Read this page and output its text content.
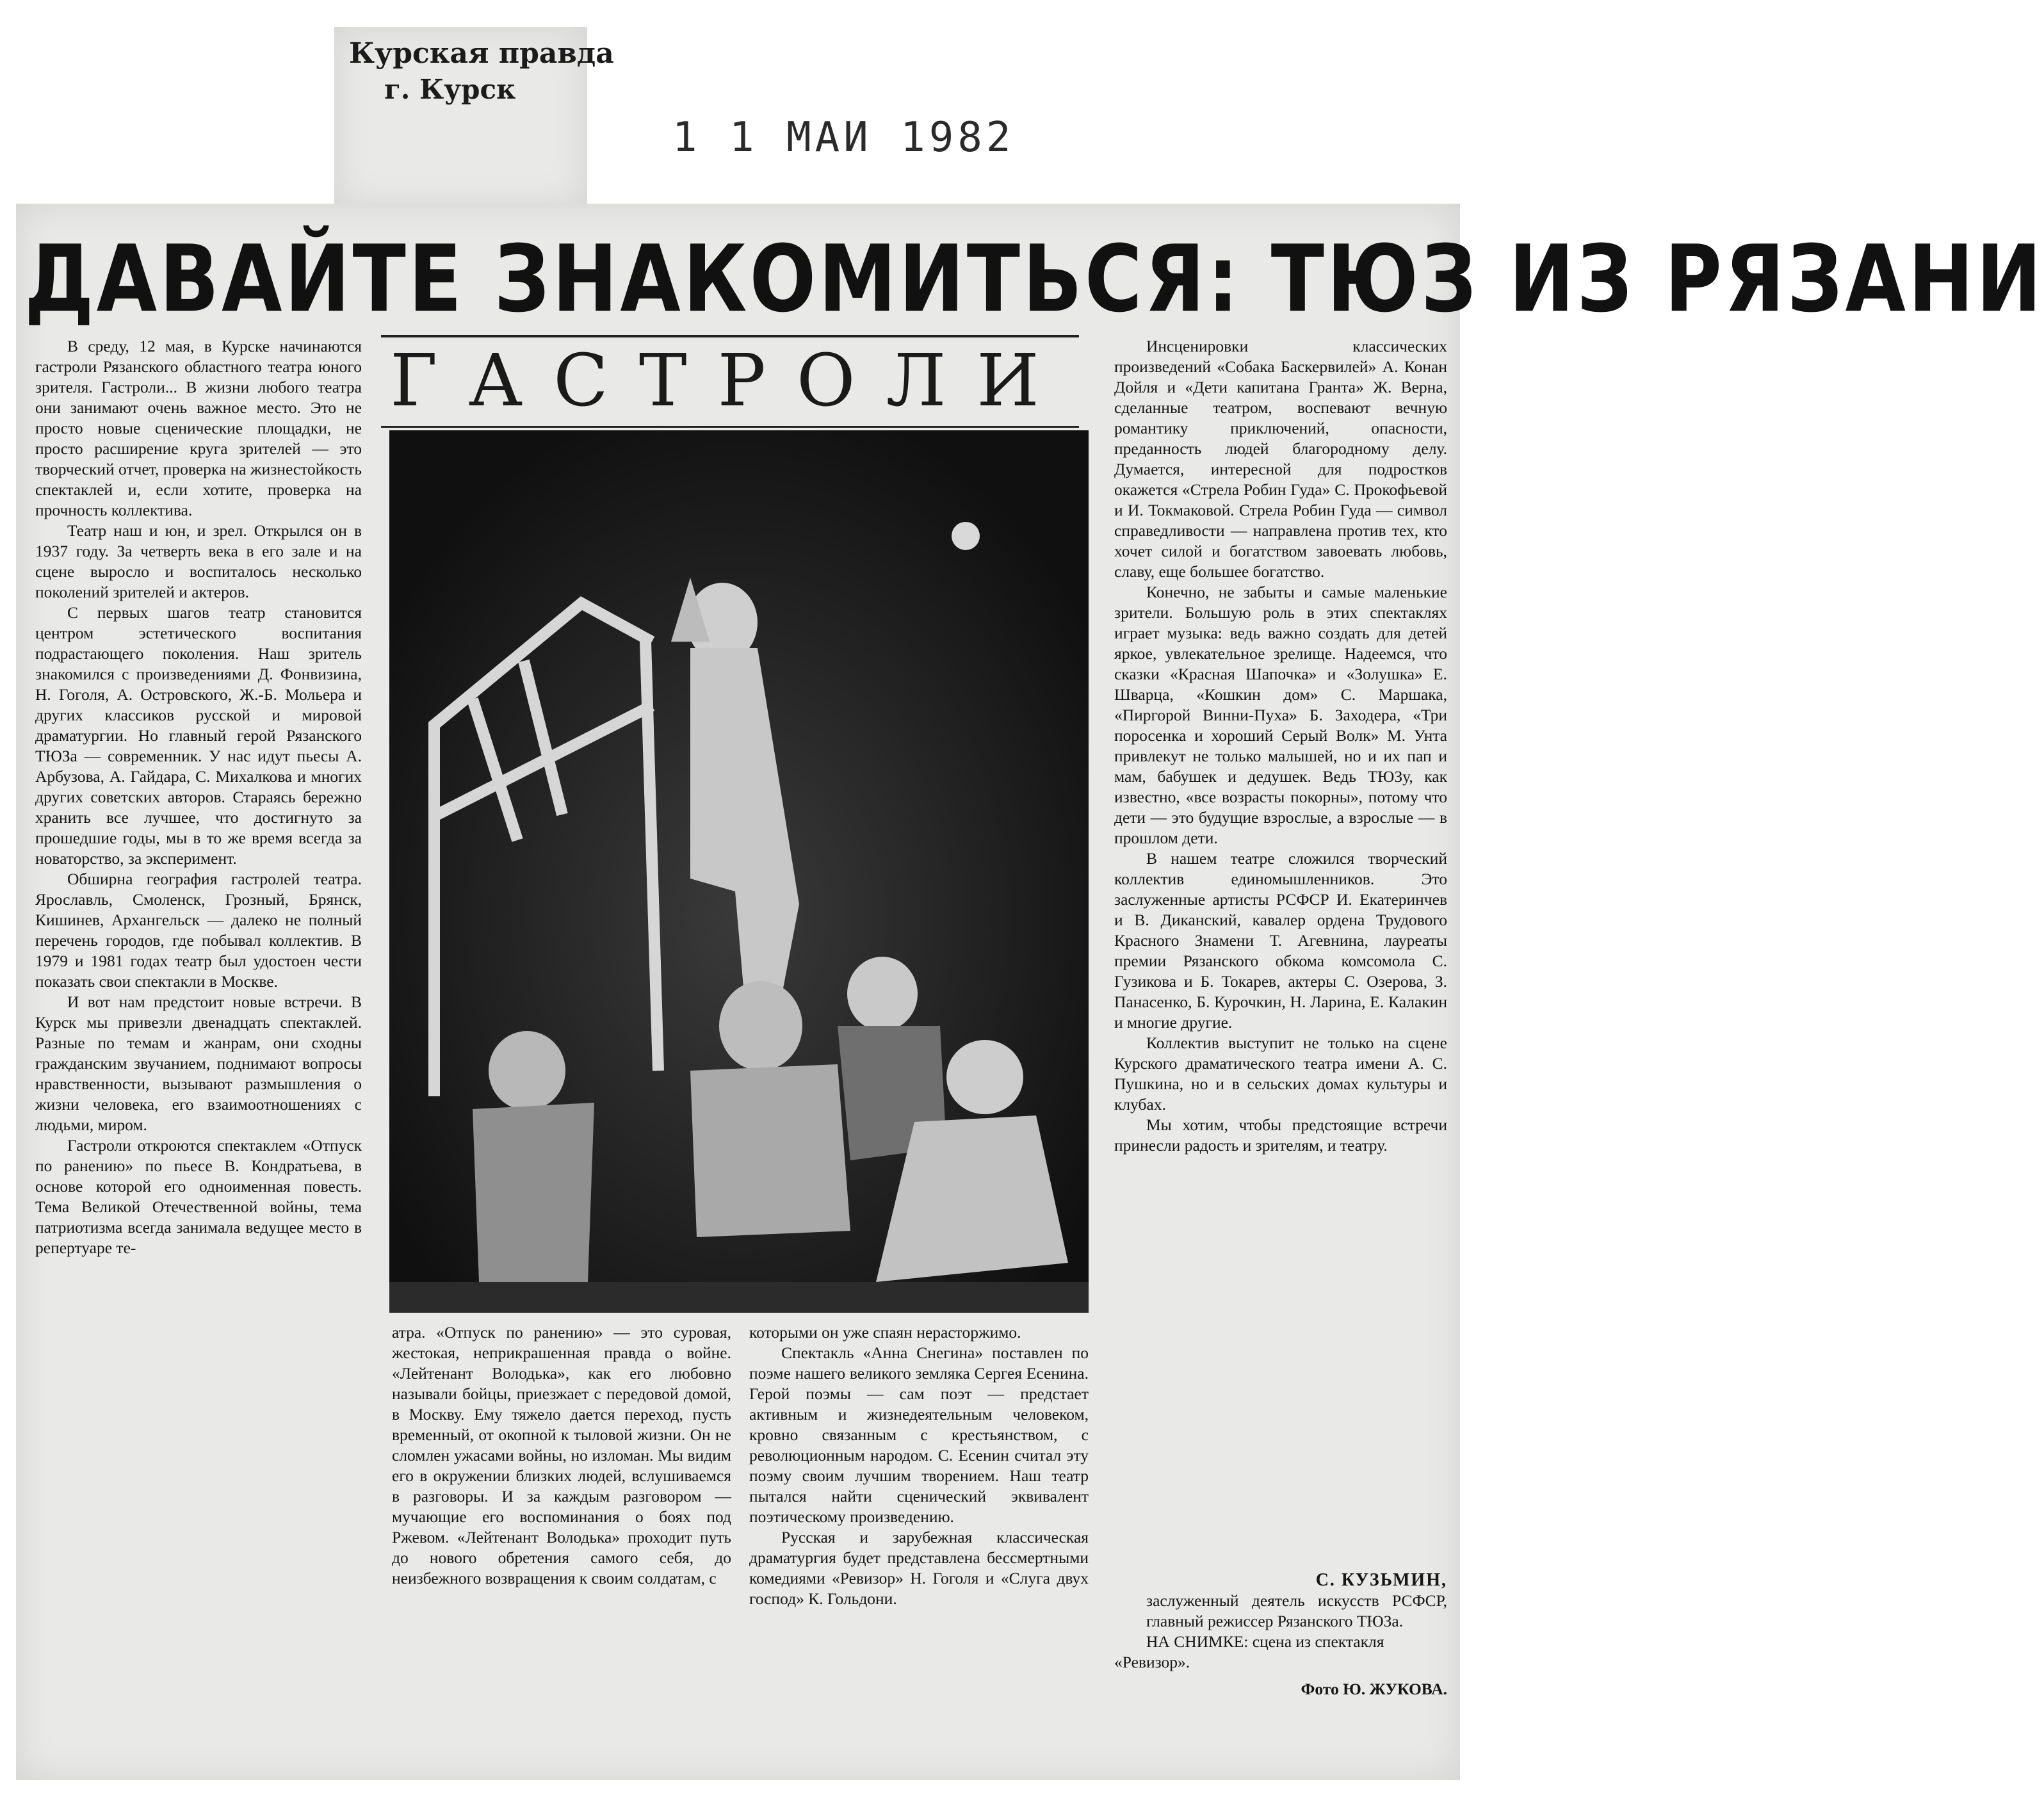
Курская правда
г. Курск
1 1 МАИ 1982
ДАВАЙТЕ ЗНАКОМИТЬСЯ: ТЮЗ ИЗ РЯЗАНИ
ГАСТРОЛИ

В среду, 12 мая, в Курске начинаются гастроли Рязанского областного театра юного зрителя. Гастроли... В жизни любого театра они занимают очень важное место. Это не просто новые сценические площадки, не просто расширение круга зрителей — это творческий отчет, проверка на жизнестойкость спектаклей и, если хотите, проверка на прочность коллектива.

Театр наш и юн, и зрел. Открылся он в 1937 году. За четверть века в его зале и на сцене выросло и воспиталось несколько поколений зрителей и актеров.

С первых шагов театр становится центром эстетического воспитания подрастающего поколения. Наш зритель знакомился с произведениями Д. Фонвизина, Н. Гоголя, А. Островского, Ж.-Б. Мольера и других классиков русской и мировой драматургии. Но главный герой Рязанского ТЮЗа — современник. У нас идут пьесы А. Арбузова, А. Гайдара, С. Михалкова и многих других советских авторов. Стараясь бережно хранить все лучшее, что достигнуто за прошедшие годы, мы в то же время всегда за новаторство, за эксперимент.

Обширна география гастролей театра. Ярославль, Смоленск, Грозный, Брянск, Кишинев, Архангельск — далеко не полный перечень городов, где побывал коллектив. В 1979 и 1981 годах театр был удостоен чести показать свои спектакли в Москве.

И вот нам предстоит новые встречи. В Курск мы привезли двенадцать спектаклей. Разные по темам и жанрам, они сходны гражданским звучанием, поднимают вопросы нравственности, вызывают размышления о жизни человека, его взаимоотношениях с людьми, миром.

Гастроли откроются спектаклем «Отпуск по ранению» по пьесе В. Кондратьева, в основе которой его одноименная повесть. Тема Великой Отечественной войны, тема патриотизма всегда занимала ведущее место в репертуаре те-

атра. «Отпуск по ранению» — это суровая, жестокая, неприкрашенная правда о войне. «Лейтенант Володька», как его любовно называли бойцы, приезжает с передовой домой, в Москву. Ему тяжело дается переход, пусть временный, от окопной к тыловой жизни. Он не сломлен ужасами войны, но изломан. Мы видим его в окружении близких людей, вслушиваемся в разговоры. И за каждым разговором — мучающие его воспоминания о боях под Ржевом. «Лейтенант Володька» проходит путь до нового обретения самого себя, до неизбежного возвращения к своим солдатам, с

которыми он уже спаян нерасторжимо.

Спектакль «Анна Снегина» поставлен по поэме нашего великого земляка Сергея Есенина. Герой поэмы — сам поэт — предстает активным и жизнедеятельным человеком, кровно связанным с крестьянством, с революционным народом. С. Есенин считал эту поэму своим лучшим творением. Наш театр пытался найти сценический эквивалент поэтическому произведению.

Русская и зарубежная классическая драматургия будет представлена бессмертными комедиями «Ревизор» Н. Гоголя и «Слуга двух господ» К. Гольдони.

Инсценировки классических произведений «Собака Баскервилей» А. Конан Дойля и «Дети капитана Гранта» Ж. Верна, сделанные театром, воспевают вечную романтику приключений, опасности, преданность людей благородному делу. Думается, интересной для подростков окажется «Стрела Робин Гуда» С. Прокофьевой и И. Токмаковой. Стрела Робин Гуда — символ справедливости — направлена против тех, кто хочет силой и богатством завоевать любовь, славу, еще большее богатство.

Конечно, не забыты и самые маленькие зрители. Большую роль в этих спектаклях играет музыка: ведь важно создать для детей яркое, увлекательное зрелище. Надеемся, что сказки «Красная Шапочка» и «Золушка» Е. Шварца, «Кошкин дом» С. Маршака, «Пиргорой Винни-Пуха» Б. Заходера, «Три поросенка и хороший Серый Волк» М. Унта привлекут не только малышей, но и их пап и мам, бабушек и дедушек. Ведь ТЮЗу, как известно, «все возрасты покорны», потому что дети — это будущие взрослые, а взрослые — в прошлом дети.

В нашем театре сложился творческий коллектив единомышленников. Это заслуженные артисты РСФСР И. Екатеринчев и В. Диканский, кавалер ордена Трудового Красного Знамени Т. Агевнина, лауреаты премии Рязанского обкома комсомола С. Гузикова и Б. Токарев, актеры С. Озерова, З. Панасенко, Б. Курочкин, Н. Ларина, Е. Калакин и многие другие.

Коллектив выступит не только на сцене Курского драматического театра имени А. С. Пушкина, но и в сельских домах культуры и клубах.

Мы хотим, чтобы предстоящие встречи принесли радость и зрителям, и театру.

С. КУЗЬМИН,
заслуженный деятель искусств РСФСР, главный режиссер Рязанского ТЮЗа.
НА СНИМКЕ: сцена из спектакля «Ревизор».
Фото Ю. ЖУКОВА.
